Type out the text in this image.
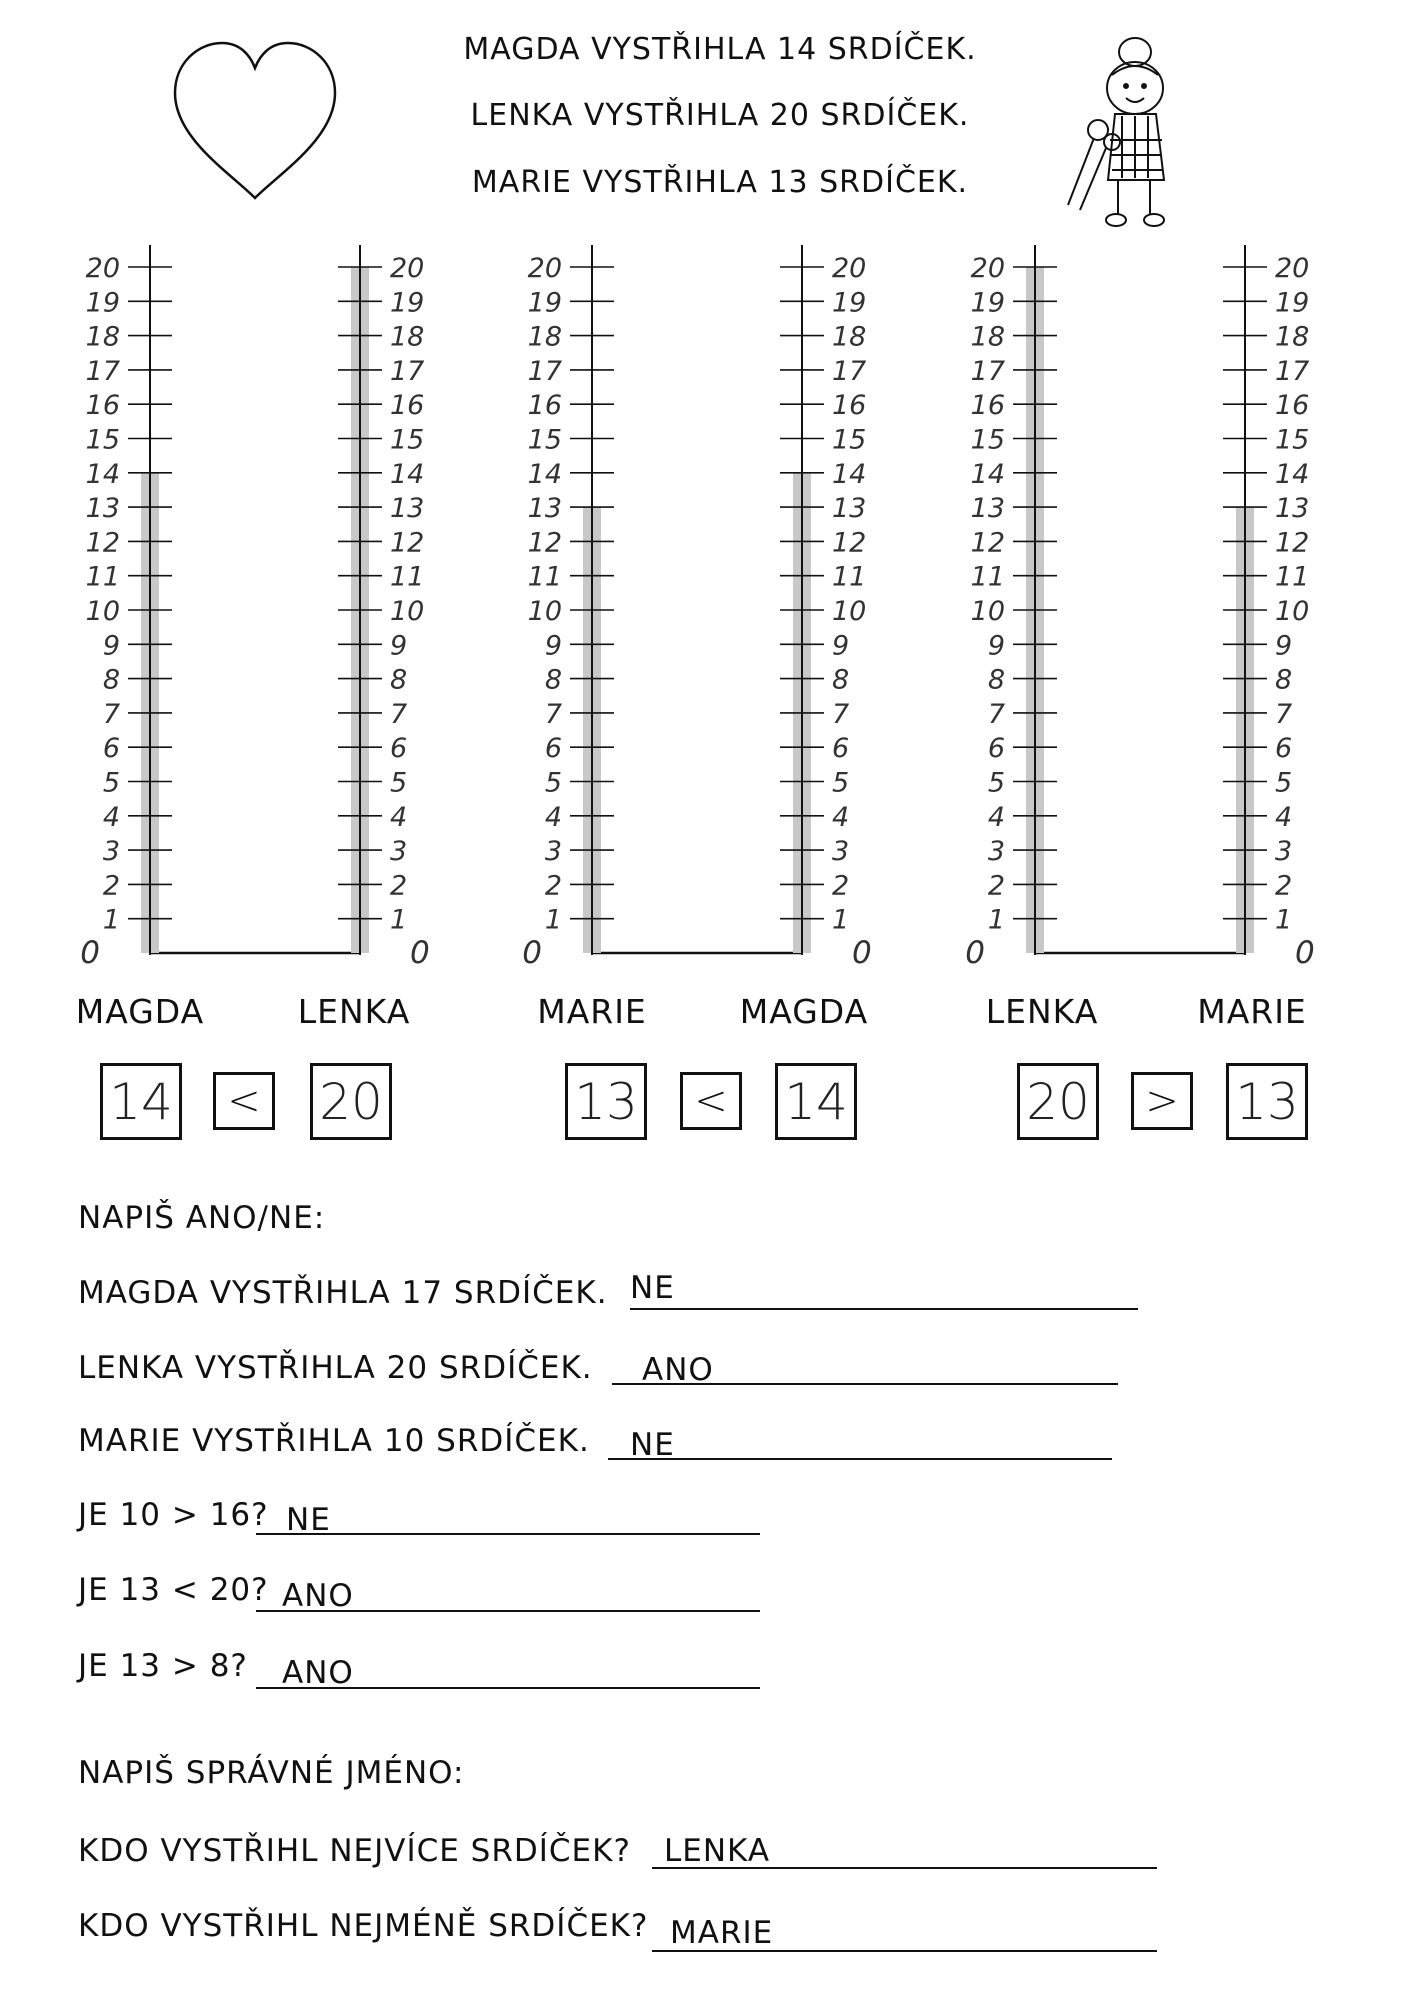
MAGDA VYSTŘIHLA 14 SRDÍČEK.
LENKA VYSTŘIHLA 20 SRDÍČEK.
MARIE VYSTŘIHLA 13 SRDÍČEK.
0
1
2
3
4
5
6
7
8
9
10
11
12
13
14
15
16
17
18
19
20
0
1
2
3
4
5
6
7
8
9
10
11
12
13
14
15
16
17
18
19
20
0
1
2
3
4
5
6
7
8
9
10
11
12
13
14
15
16
17
18
19
20
0
1
2
3
4
5
6
7
8
9
10
11
12
13
14
15
16
17
18
19
20
0
1
2
3
4
5
6
7
8
9
10
11
12
13
14
15
16
17
18
19
20
0
1
2
3
4
5
6
7
8
9
10
11
12
13
14
15
16
17
18
19
20
MAGDA	LENKA	MARIE	MAGDA	LENKA	MARIE
14	< 20	13	< 14	20	> 13
NAPIŠ ANO/NE:
MAGDA VYSTŘIHLA 17 SRDÍČEK. NE
LENKA VYSTŘIHLA 20 SRDÍČEK. ANO
MARIE VYSTŘIHLA 10 SRDÍČEK. NE
JE 10 > 16? NE
JE 13 < 20? ANO
JE 13 > 8? ANO
NAPIŠ SPRÁVNÉ JMÉNO:
KDO VYSTŘIHL NEJVÍCE SRDÍČEK? LENKA
KDO VYSTŘIHL NEJMÉNĚ SRDÍČEK? MARIE
